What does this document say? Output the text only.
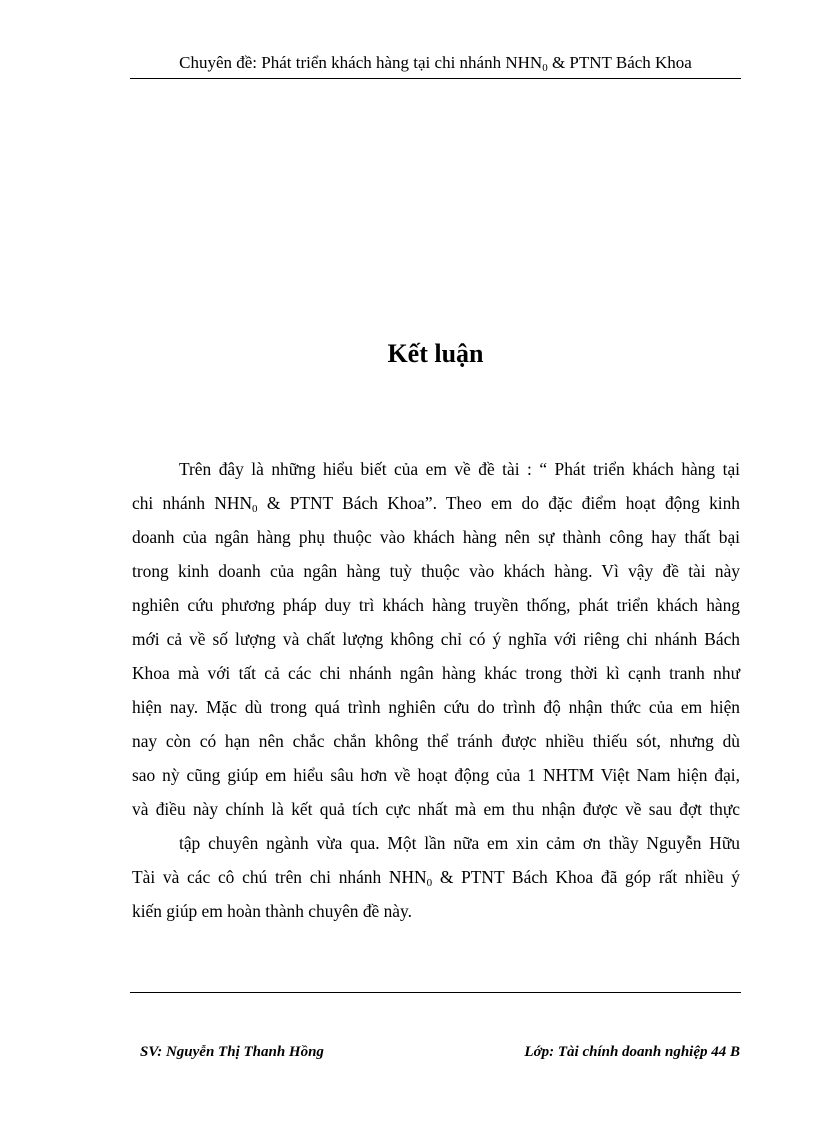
Chuyên đề: Phát triển khách hàng tại chi nhánh $NHN_0$ & PTNT Bách Khoa
Kết luận
Trên đây là những hiểu biết của em về đề tài : “ Phát triển khách hàng tại
chi nhánh $NHN_0$ & PTNT Bách Khoa”. Theo em do đặc điểm hoạt động kinh
doanh của ngân hàng phụ thuộc vào khách hàng nên sự thành công hay thất bại
trong kinh doanh của ngân hàng tuỳ thuộc vào khách hàng. Vì vậy đề tài này
nghiên cứu phương pháp duy trì khách hàng truyền thống, phát triển khách hàng
mới cả về số lượng và chất lượng không chỉ có ý nghĩa với riêng chi nhánh Bách
Khoa mà với tất cả các chi nhánh ngân hàng khác trong thời kì cạnh tranh như
hiện nay. Mặc dù trong quá trình nghiên cứu do trình độ nhận thức của em hiện
nay còn có hạn nên chắc chắn không thể tránh được nhiều thiếu sót, nhưng dù
sao nỳ cũng giúp em hiểu sâu hơn về hoạt động của 1 NHTM Việt Nam hiện đại,
và điều này chính là kết quả tích cực nhất mà em thu nhận được về sau đợt thực
tập chuyên ngành vừa qua. Một lần nữa em xin cảm ơn thầy Nguyễn Hữu
Tài và các cô chú trên chi nhánh $NHN_0$ & PTNT Bách Khoa đã góp rất nhiều ý
kiến giúp em hoàn thành chuyên đề này.
SV: Nguyễn Thị Thanh Hồng	Lớp: Tài chính doanh nghiệp 44 B
